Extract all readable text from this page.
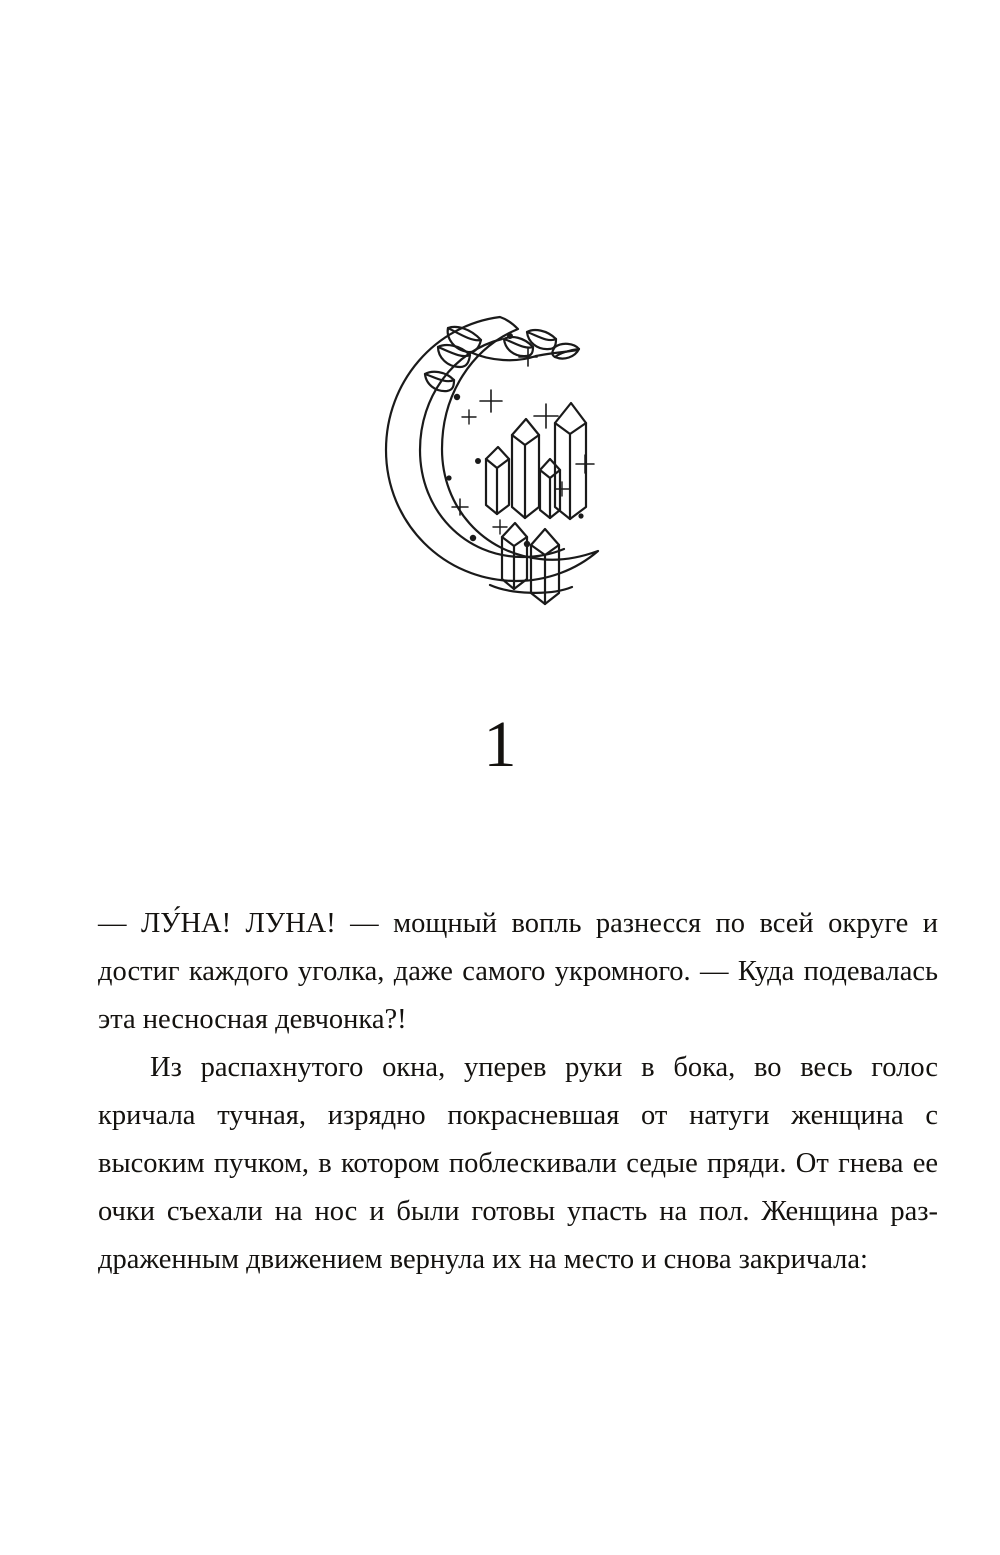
1

— ЛУ́НА! ЛУНА! — мощный вопль разнесся по всей округе и достиг каждого уголка, даже самого укромного. — Куда подевалась эта несносная девчонка?!

Из распахнутого окна, уперев руки в бока, во весь голос кричала тучная, изрядно покрасневшая от натуги женщина с высоким пучком, в котором поблескивали седые пряди. От гнева ее очки съехали на нос и были готовы упасть на пол. Женщина раздраженным движением вернула их на место и снова закричала:
